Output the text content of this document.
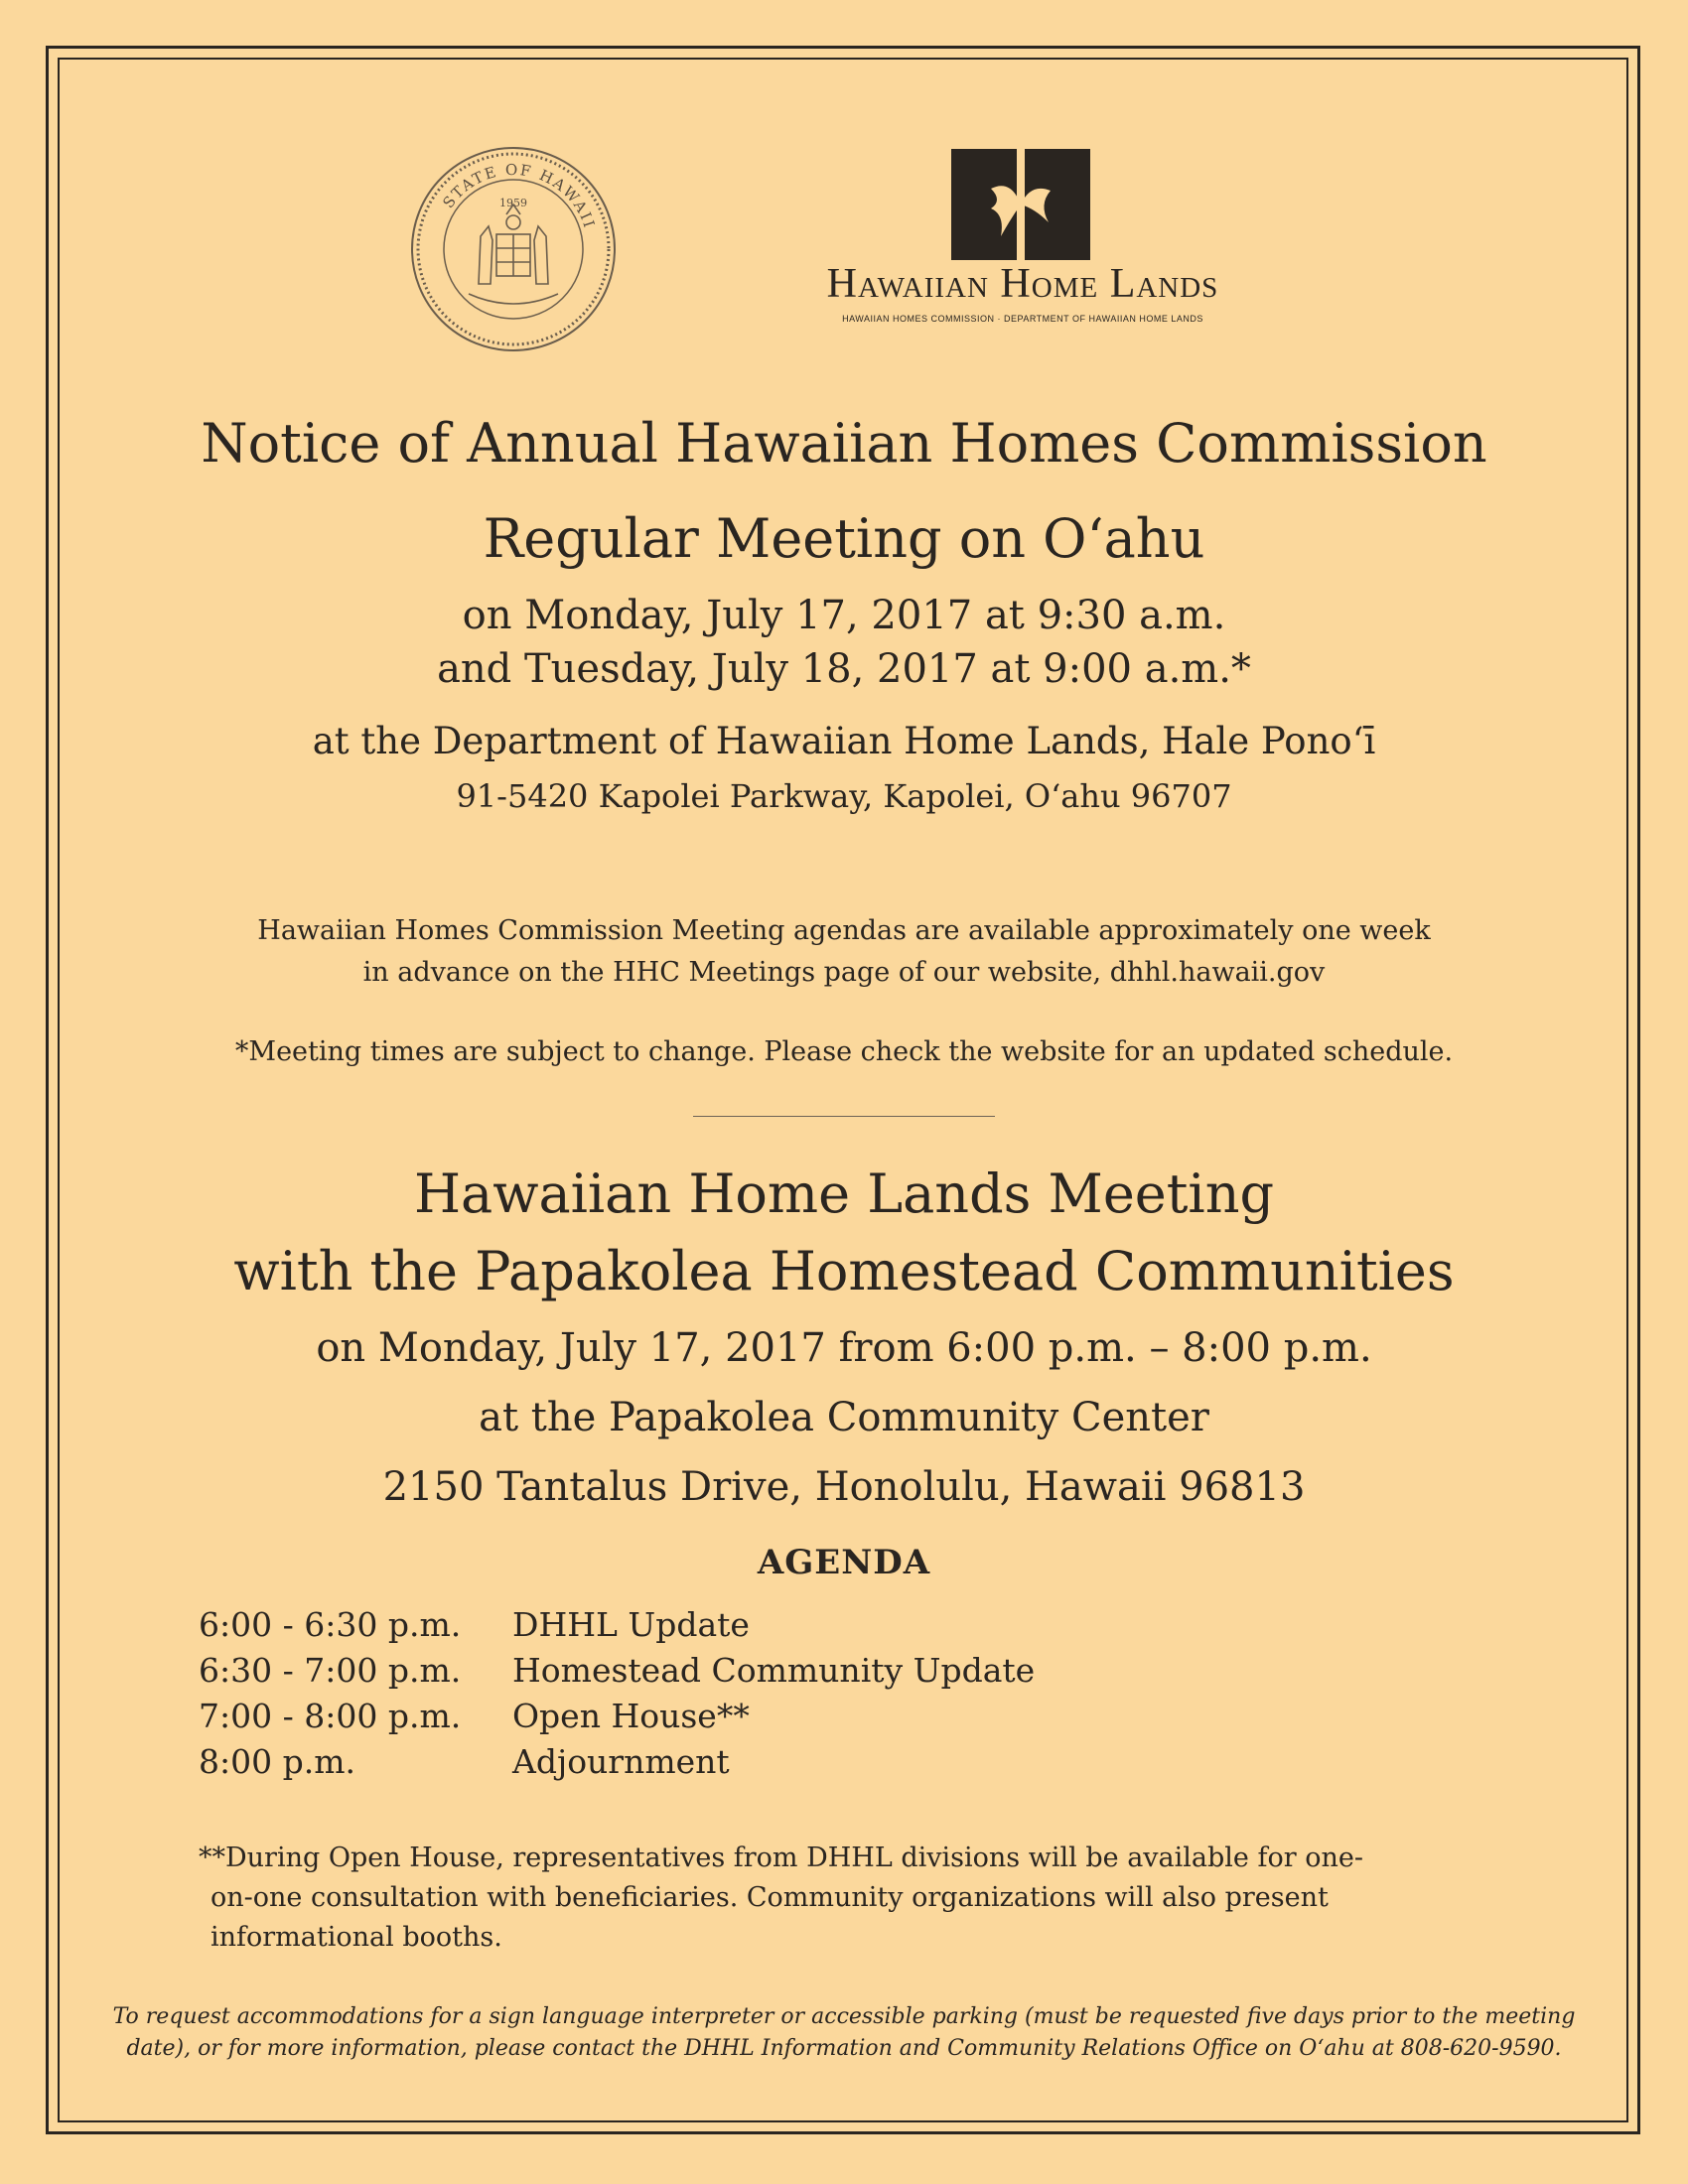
STATE OF HAWAII
1959
Hawaiian Home Lands
HAWAIIAN HOMES COMMISSION · DEPARTMENT OF HAWAIIAN HOME LANDS
Notice of Annual Hawaiian Homes Commission
Regular Meeting on Oʻahu
on Monday, July 17, 2017 at 9:30 a.m.
and Tuesday, July 18, 2017 at 9:00 a.m.*
at the Department of Hawaiian Home Lands, Hale Ponoʻī
91-5420 Kapolei Parkway, Kapolei, Oʻahu 96707
Hawaiian Homes Commission Meeting agendas are available approximately one week
in advance on the HHC Meetings page of our website, dhhl.hawaii.gov
*Meeting times are subject to change. Please check the website for an updated schedule.
Hawaiian Home Lands Meeting
with the Papakolea Homestead Communities
on Monday, July 17, 2017 from 6:00 p.m. – 8:00 p.m.
at the Papakolea Community Center
2150 Tantalus Drive, Honolulu, Hawaii 96813
AGENDA
6:00 - 6:30 p.m. DHHL Update
6:30 - 7:00 p.m. Homestead Community Update
7:00 - 8:00 p.m. Open House**
8:00 p.m.	Adjournment
**During Open House, representatives from DHHL divisions will be available for one-
on-one consultation with beneficiaries. Community organizations will also present
informational booths.
To request accommodations for a sign language interpreter or accessible parking (must be requested five days prior to the meeting
date), or for more information, please contact the DHHL Information and Community Relations Office on Oʻahu at 808-620-9590.
